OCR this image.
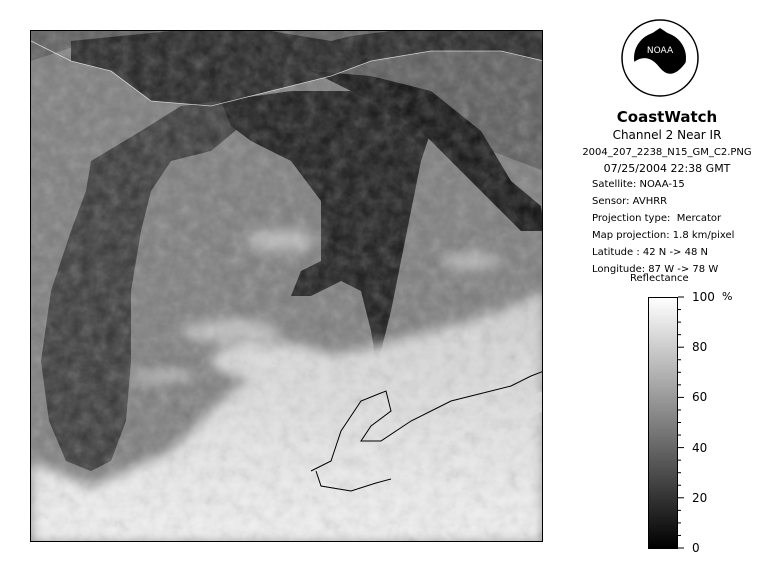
NOAA
CoastWatch
Channel 2 Near IR
2004_207_2238_N15_GM_C2.PNG
07/25/2004 22:38 GMT
Satellite: NOAA-15
Sensor: AVHRR
Projection type:  Mercator
Map projection: 1.8 km/pixel
Latitude : 42 N -> 48 N
Longitude: 87 W -> 78 W
Reflectance
%
100
80
60
40
20
0
